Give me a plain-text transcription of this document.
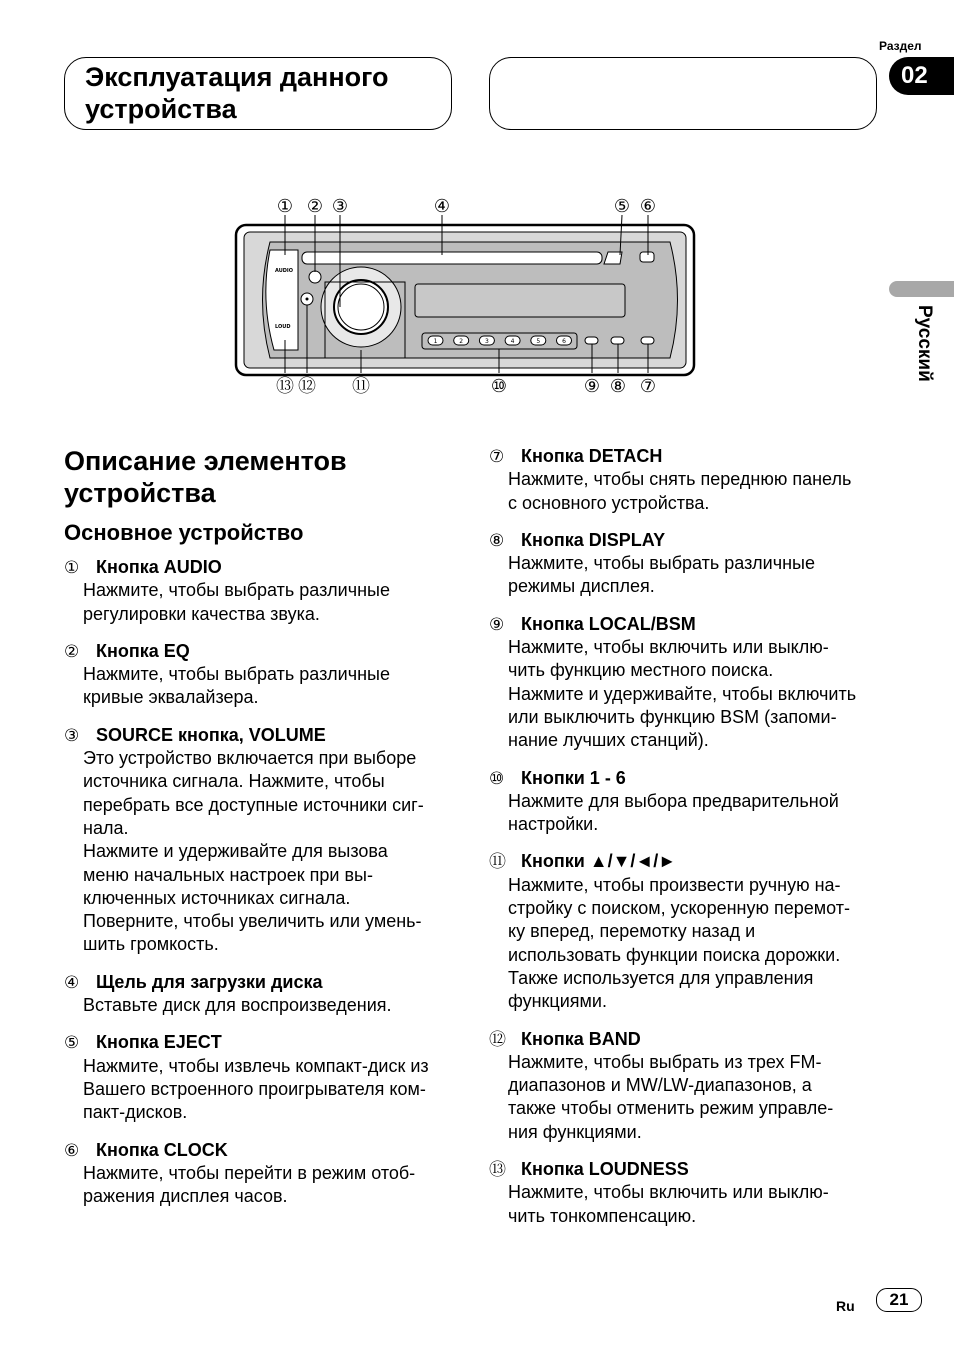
Эксплуатация данного устройства
Раздел
02
Русский
AUDIO
LOUD
1	2	3	4	5	6
① ② ③	④	⑤ ⑥
⑬ ⑫ ⑪	⑩	⑨ ⑧ ⑦
Описание элементов устройства
Основное устройство
① Кнопка AUDIO
Нажмите, чтобы выбрать различные
регулировки качества звука.
② Кнопка EQ
Нажмите, чтобы выбрать различные
кривые эквалайзера.
③ SOURCE кнопка, VOLUME
Это устройство включается при выборе
источника сигнала. Нажмите, чтобы
перебрать все доступные источники сиг-
нала.
Нажмите и удерживайте для вызова
меню начальных настроек при вы-
ключенных источниках сигнала.
Поверните, чтобы увеличить или умень-
шить громкость.
④ Щель для загрузки диска
Вставьте диск для воспроизведения.
⑤ Кнопка EJECT
Нажмите, чтобы извлечь компакт-диск из
Вашего встроенного проигрывателя ком-
пакт-дисков.
⑥ Кнопка CLOCK
Нажмите, чтобы перейти в режим отоб-
ражения дисплея часов.
⑦ Кнопка DETACH
Нажмите, чтобы снять переднюю панель
с основного устройства.
⑧ Кнопка DISPLAY
Нажмите, чтобы выбрать различные
режимы дисплея.
⑨ Кнопка LOCAL/BSM
Нажмите, чтобы включить или выклю-
чить функцию местного поиска.
Нажмите и удерживайте, чтобы включить
или выключить функцию BSM (запоми-
нание лучших станций).
⑩ Кнопки 1 - 6
Нажмите для выбора предварительной
настройки.
⑪ Кнопки ▲/▼/◄/►
Нажмите, чтобы произвести ручную на-
стройку с поиском, ускоренную перемот-
ку вперед, перемотку назад и
использовать функции поиска дорожки.
Также используется для управления
функциями.
⑫ Кнопка BAND
Нажмите, чтобы выбрать из трех FM-
диапазонов и MW/LW-диапазонов, а
также чтобы отменить режим управле-
ния функциями.
⑬ Кнопка LOUDNESS
Нажмите, чтобы включить или выклю-
чить тонкомпенсацию.
Ru	21
